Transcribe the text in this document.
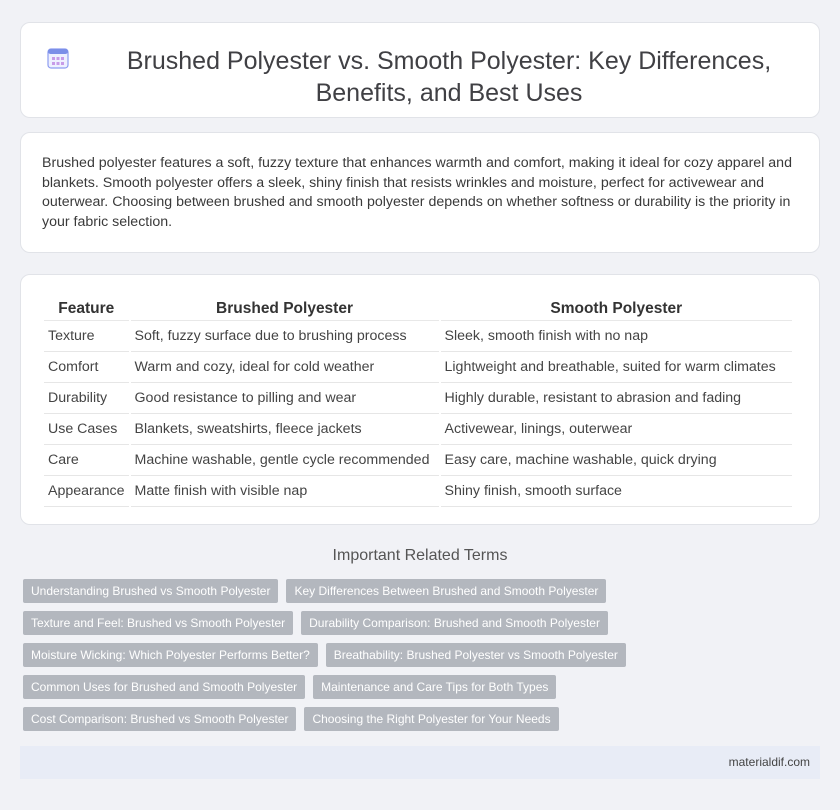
Brushed Polyester vs. Smooth Polyester: Key Differences, Benefits, and Best Uses

Brushed polyester features a soft, fuzzy texture that enhances warmth and comfort, making it ideal for cozy apparel and blankets. Smooth polyester offers a sleek, shiny finish that resists wrinkles and moisture, perfect for activewear and outerwear. Choosing between brushed and smooth polyester depends on whether softness or durability is the priority in your fabric selection.

Feature	Brushed Polyester	Smooth Polyester
Texture	Soft, fuzzy surface due to brushing process	Sleek, smooth finish with no nap
Comfort	Warm and cozy, ideal for cold weather	Lightweight and breathable, suited for warm climates
Durability	Good resistance to pilling and wear	Highly durable, resistant to abrasion and fading
Use Cases	Blankets, sweatshirts, fleece jackets	Activewear, linings, outerwear
Care	Machine washable, gentle cycle recommended	Easy care, machine washable, quick drying
Appearance	Matte finish with visible nap	Shiny finish, smooth surface
Important Related Terms
Understanding Brushed vs Smooth Polyester	Key Differences Between Brushed and Smooth Polyester
Texture and Feel: Brushed vs Smooth Polyester	Durability Comparison: Brushed and Smooth Polyester
Moisture Wicking: Which Polyester Performs Better?	Breathability: Brushed Polyester vs Smooth Polyester
Common Uses for Brushed and Smooth Polyester	Maintenance and Care Tips for Both Types
Cost Comparison: Brushed vs Smooth Polyester	Choosing the Right Polyester for Your Needs
materialdif.com
